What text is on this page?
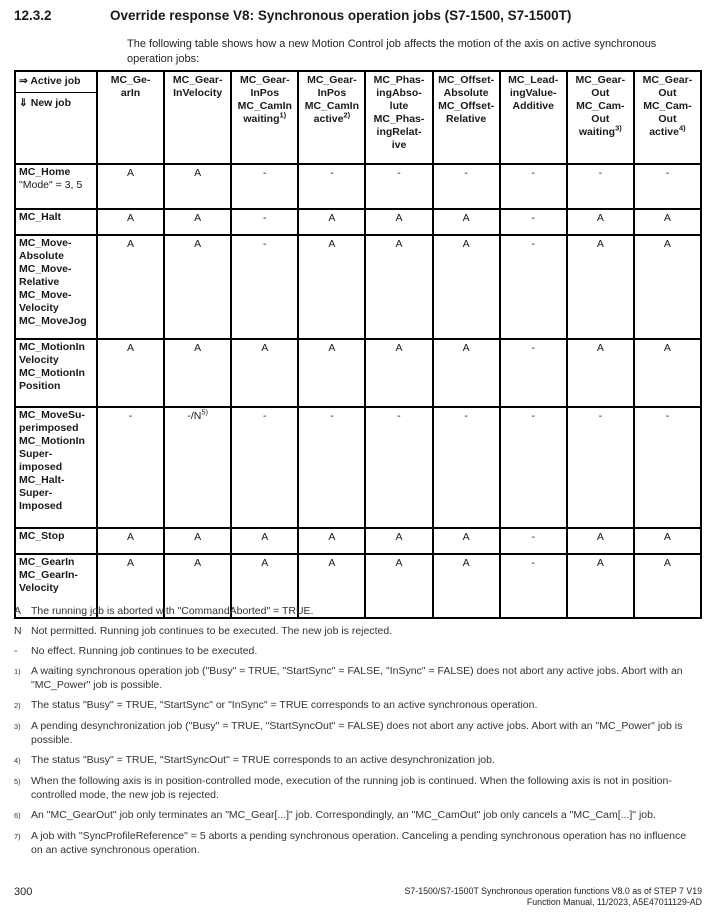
12.3.2	Override response V8: Synchronous operation jobs (S7-1500, S7-1500T)
The following table shows how a new Motion Control job affects the motion of the axis on active synchronous operation jobs:
⇒ Active job
⇓ New job
	MC_Ge-
arIn	MC_Gear-
InVelocity	MC_Gear-
InPos
MC_CamIn
waiting$^{1)}$	MC_Gear-
InPos
MC_CamIn
active$^{2)}$	MC_Phas-
ingAbso-
lute
MC_Phas-
ingRelat-
ive	MC_Offset-
Absolute
MC_Offset-
Relative	MC_Lead-
ingValue-
Additive	MC_Gear-
Out
MC_Cam-
Out
waiting$^{3)}$	MC_Gear-
Out
MC_Cam-
Out
active$^{4)}$
MC_Home
"Mode" = 3, 5	A	A	-	-	-	-	-	-	-
MC_Halt	A	A	-	A	A	A	-	A	A
MC_Move-
Absolute
MC_Move-
Relative
MC_Move-
Velocity
MC_MoveJog	A	A	-	A	A	A	-	A	A
MC_MotionIn
Velocity
MC_MotionIn
Position	A	A	A	A	A	A	-	A	A
MC_MoveSu-
perimposed
MC_MotionIn
Super-
imposed
MC_Halt-
Super-
Imposed	-	$-/N^{5)}$	-	-	-	-	-	-	-
MC_Stop	A	A	A	A	A	A	-	A	A
MC_GearIn
MC_GearIn-
Velocity	A	A	A	A	A	A	-	A	A
A The running job is aborted with "CommandAborted" = TRUE.
N Not permitted. Running job continues to be executed. The new job is rejected.
-	No effect. Running job continues to be executed.
1) A waiting synchronous operation job ("Busy" = TRUE, "StartSync" = FALSE, "InSync" = FALSE) does not abort any active jobs. Abort with an "MC_Power" job is possible.
2) The status "Busy" = TRUE, "StartSync" or "InSync" = TRUE corresponds to an active synchronous operation.
3) A pending desynchronization job ("Busy" = TRUE, "StartSyncOut" = FALSE) does not abort any active jobs. Abort with an "MC_Power" job is possible.
4) The status "Busy" = TRUE, "StartSyncOut" = TRUE corresponds to an active desynchronization job.
5) When the following axis is in position-controlled mode, execution of the running job is continued. When the following axis is not in position-controlled mode, the new job is rejected.
6) An "MC_GearOut" job only terminates an "MC_Gear[...]" job. Correspondingly, an "MC_CamOut" job only cancels a "MC_Cam[...]" job.
7) A job with "SyncProfileReference" = 5 aborts a pending synchronous operation. Canceling a pending synchronous operation has no influence on an active synchronous operation.
300	S7-1500/S7-1500T Synchronous operation functions V8.0 as of STEP 7 V19
Function Manual, 11/2023, A5E47011129-AD
